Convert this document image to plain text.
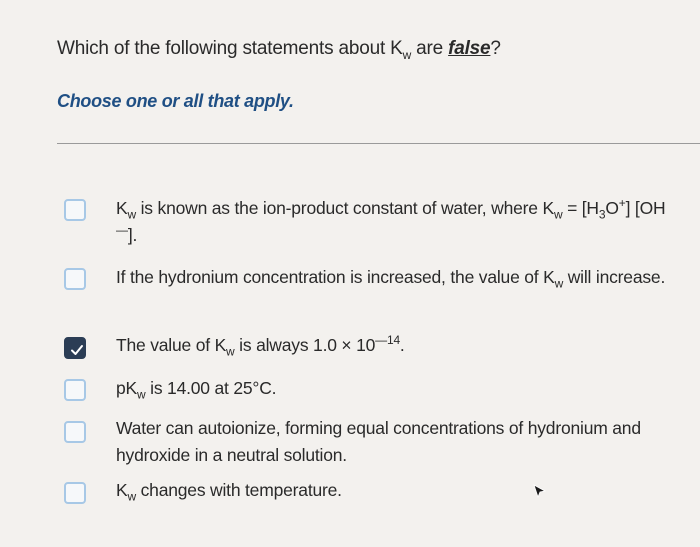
Which of the following statements about $K_w$ are false?
Choose one or all that apply.
$K_w$ is known as the ion-product constant of water, where $K_w = [H_3O^+]$ [OH—].
If the hydronium concentration is increased, the value of $K_w$ will increase.
The value of $K_w$ is always $1.0 \times 10^{—14}$.
$pK_w$ is 14.00 at 25°C.
Water can autoionize, forming equal concentrations of hydronium and hydroxide in a neutral solution.
$K_w$ changes with temperature.
